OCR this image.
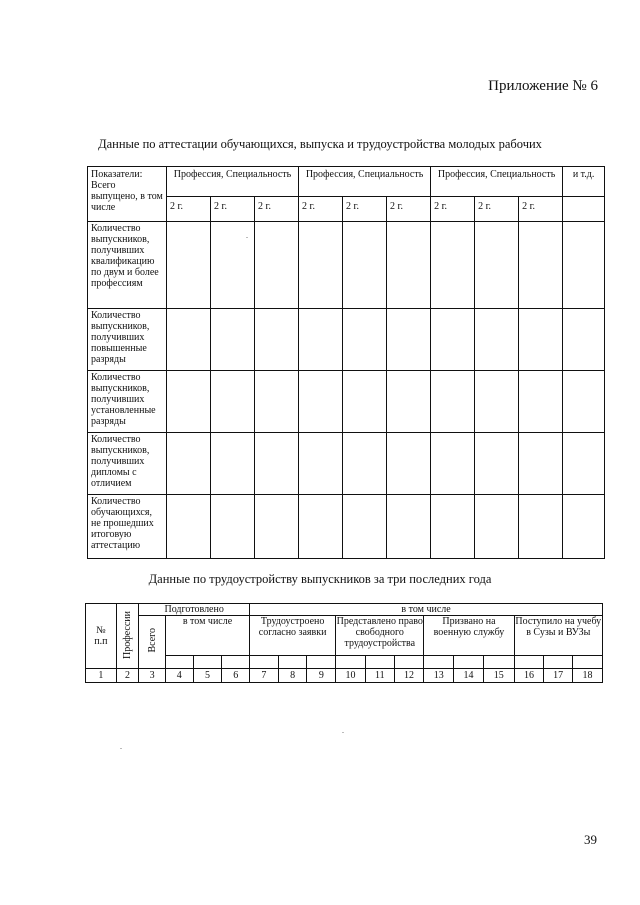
Приложение № 6
Данные по аттестации обучающихся, выпуска и трудоустройства молодых рабочих
Показатели: Всего выпущено, в том числе	Профессия, Специальность			Профессия, Специальность			Профессия, Специальность			и т.д.
	2 г.	2 г.	2 г.	2 г.	2 г.	2 г.	2 г.	2 г.	2 г.	
Количество выпускников, получивших квалификацию по двум и более профессиям										
Количество выпускников, получивших повышенные разряды										
Количество выпускников, получивших установленные разряды										
Количество выпускников, получивших дипломы с отличием										
Количество обучающихся, не прошедших итоговую аттестацию										
Данные по трудоустройству выпускников за три последних года
№ п.п	Профессии	Подготовлено				в том числе											
		Всего	в том числе			Трудоустроено согласно заявки			Представлено право свободного трудоустройства			Призвано на военную службу			Поступило на учебу в Сузы и ВУЗы		

1	2	3	4	5	6	7	8	9	10	11	12	13	14	15	16	17	18
39
